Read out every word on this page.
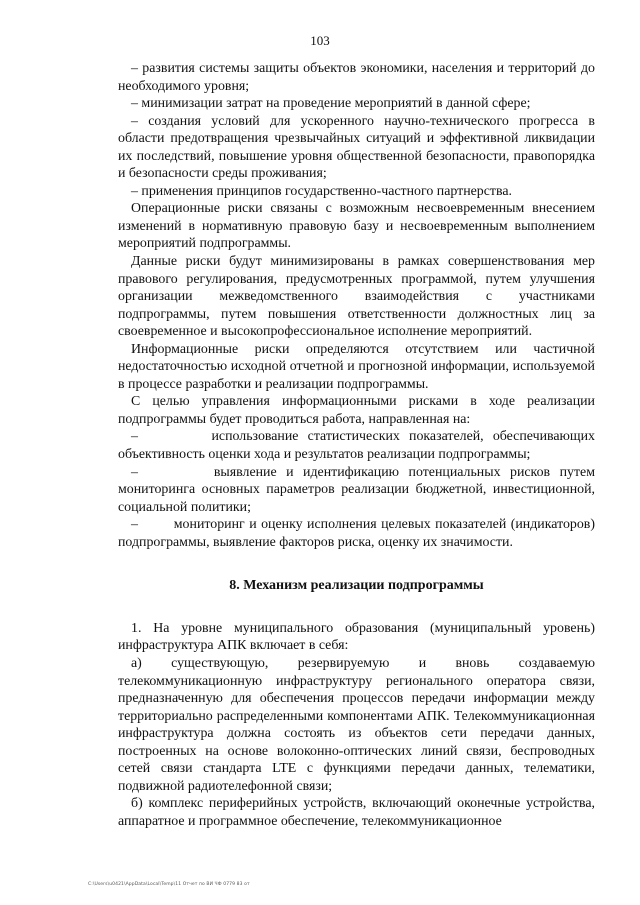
103

– развития системы защиты объектов экономики, населения и территорий до необходимого уровня;

– минимизации затрат на проведение мероприятий в данной сфере;

– создания условий для ускоренного научно-технического прогресса в области предотвращения чрезвычайных ситуаций и эффективной ликвидации их последствий, повышение уровня общественной безопасности, правопорядка и безопасности среды проживания;

– применения принципов государственно-частного партнерства.

Операционные риски связаны с возможным несвоевременным внесением изменений в нормативную правовую базу и несвоевременным выполнением мероприятий подпрограммы.

Данные риски будут минимизированы в рамках совершенствования мер правового регулирования, предусмотренных программой, путем улучшения организации межведомственного взаимодействия с участниками подпрограммы, путем повышения ответственности должностных лиц за своевременное и высокопрофессиональное исполнение мероприятий.

Информационные риски определяются отсутствием или частичной недостаточностью исходной отчетной и прогнозной информации, используемой в процессе разработки и реализации подпрограммы.

С целью управления информационными рисками в ходе реализации подпрограммы будет проводиться работа, направленная на:

–        использование статистических показателей, обеспечивающих объективность оценки хода и результатов реализации подпрограммы;

–        выявление и идентификацию потенциальных рисков путем мониторинга основных параметров реализации бюджетной, инвестиционной, социальной политики;

–        мониторинг и оценку исполнения целевых показателей (индикаторов) подпрограммы, выявление факторов риска, оценку их значимости.

8. Механизм реализации подпрограммы

1. На уровне муниципального образования (муниципальный уровень) инфраструктура АПК включает в себя:

а) существующую, резервируемую и вновь создаваемую телекоммуникационную инфраструктуру регионального оператора связи, предназначенную для обеспечения процессов передачи информации между территориально распределенными компонентами АПК. Телекоммуникационная инфраструктура должна состоять из объектов сети передачи данных, построенных на основе волоконно-оптических линий связи, беспроводных сетей связи стандарта LTE с функциями передачи данных, телематики, подвижной радиотелефонной связи;

б) комплекс периферийных устройств, включающий оконечные устройства, аппаратное и программное обеспечение, телекоммуникационное

С:\Users\u0421\AppData\Local\Temp\11 Отчет по ВИ ЧФ 0779 83 от
